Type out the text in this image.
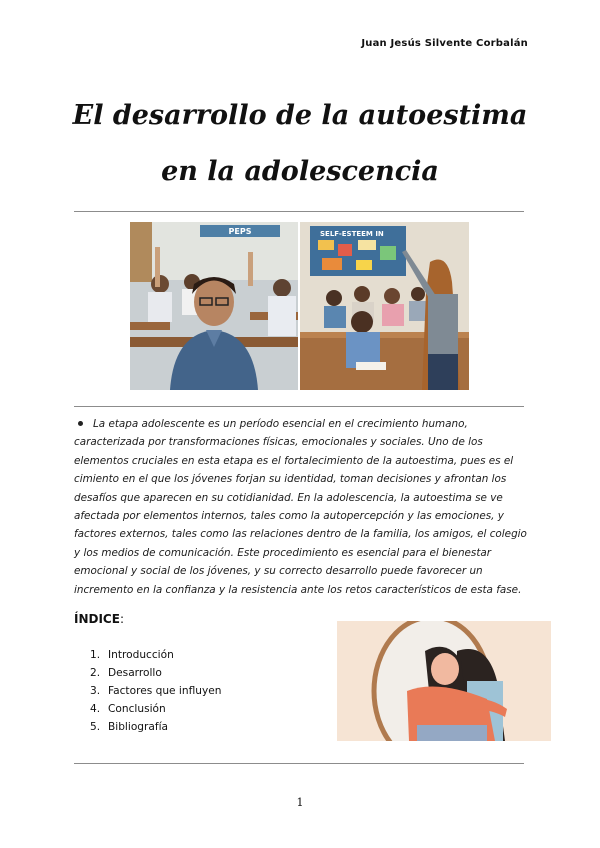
Juan Jesús Silvente Corbalán
El desarrollo de la autoestima en la adolescencia
PEPS	SELF-ESTEEM IN
La etapa adolescente es un período esencial en el crecimiento humano, caracterizada por transformaciones físicas, emocionales y sociales. Uno de los elementos cruciales en esta etapa es el fortalecimiento de la autoestima, pues es el cimiento en el que los jóvenes forjan su identidad, toman decisiones y afrontan los desafíos que aparecen en su cotidianidad. En la adolescencia, la autoestima se ve afectada por elementos internos, tales como la autopercepción y las emociones, y factores externos, tales como las relaciones dentro de la familia, los amigos, el colegio y los medios de comunicación. Este procedimiento es esencial para el bienestar emocional y social de los jóvenes, y su correcto desarrollo puede favorecer un incremento en la confianza y la resistencia ante los retos característicos de esta fase.
ÍNDICE:
1. Introducción
2. Desarrollo
3. Factores que influyen
4. Conclusión
5. Bibliografía
1
